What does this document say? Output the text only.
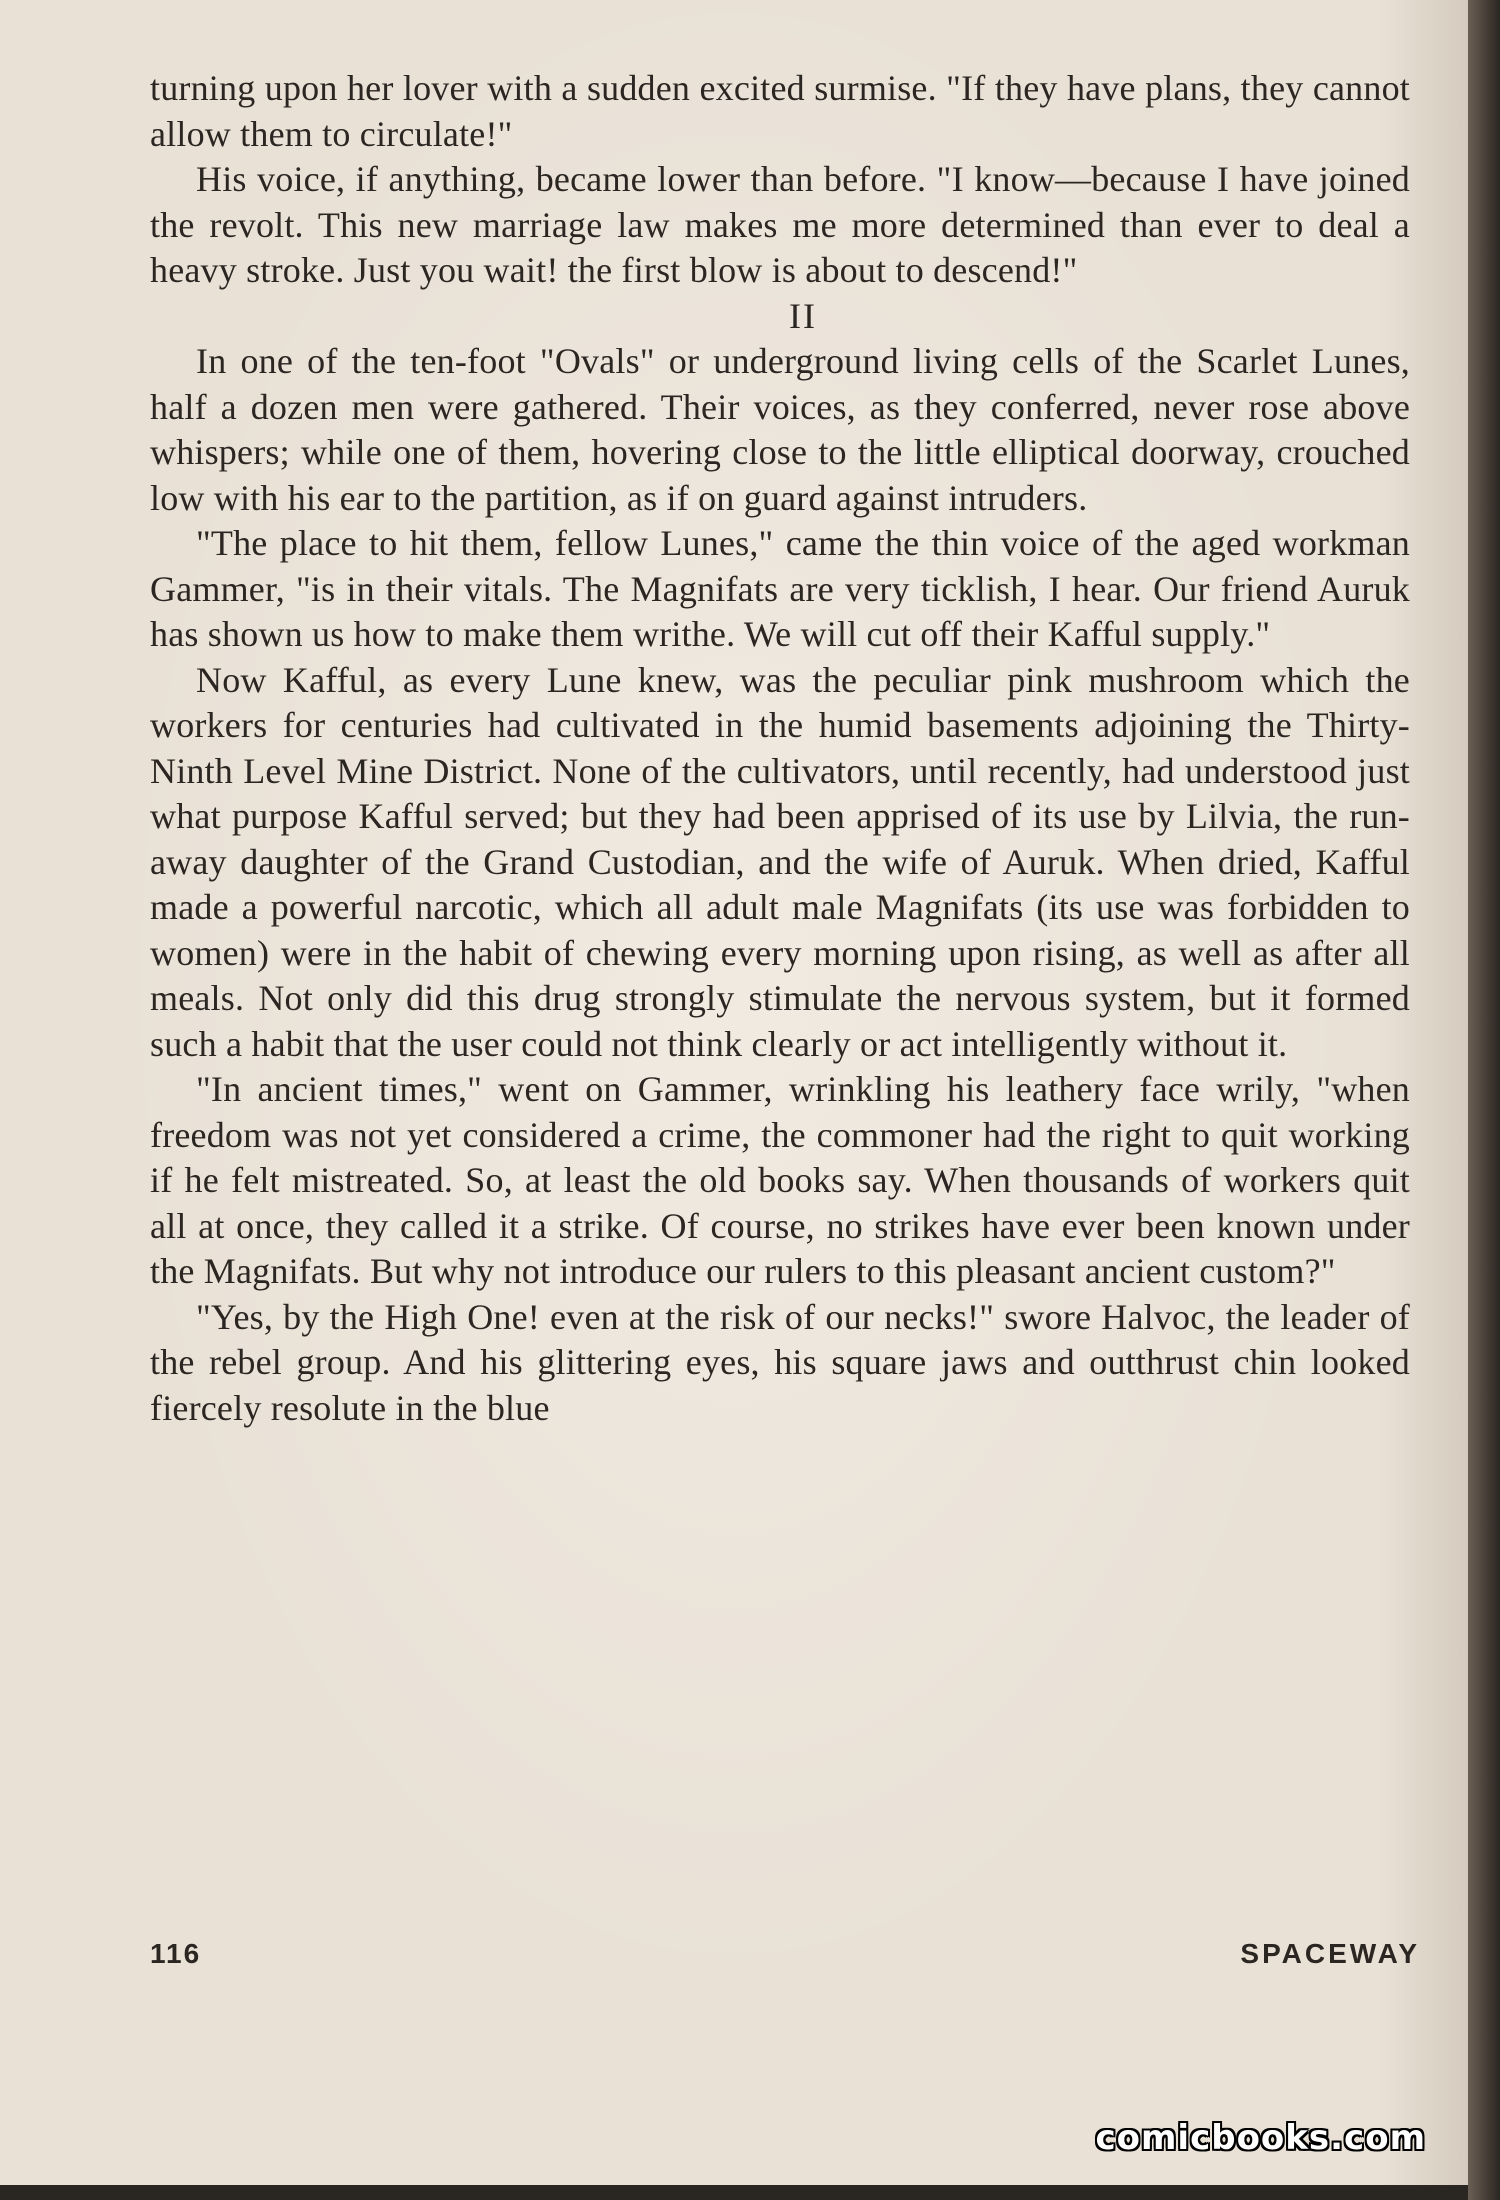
turning upon her lover with a sudden excited surmise. "If they have plans, they cannot allow them to circulate!"

His voice, if anything, became lower than before. "I know—because I have joined the revolt. This new marriage law makes me more determined than ever to deal a heavy stroke. Just you wait! the first blow is about to descend!"

II

In one of the ten-foot "Ovals" or underground living cells of the Scarlet Lunes, half a dozen men were gathered. Their voices, as they conferred, never rose above whispers; while one of them, hovering close to the little elliptical doorway, crouched low with his ear to the partition, as if on guard against intruders.

"The place to hit them, fellow Lunes," came the thin voice of the aged workman Gammer, "is in their vitals. The Magnifats are very ticklish, I hear. Our friend Auruk has shown us how to make them writhe. We will cut off their Kafful supply."

Now Kafful, as every Lune knew, was the peculiar pink mushroom which the workers for centuries had cultivated in the humid basements adjoining the Thirty-Ninth Level Mine District. None of the cultivators, until recently, had understood just what purpose Kafful served; but they had been apprised of its use by Lilvia, the run-away daughter of the Grand Custodian, and the wife of Auruk. When dried, Kafful made a powerful narcotic, which all adult male Magnifats (its use was forbidden to women) were in the habit of chewing every morning upon rising, as well as after all meals. Not only did this drug strongly stimulate the nervous system, but it formed such a habit that the user could not think clearly or act intelligently without it.

"In ancient times," went on Gammer, wrinkling his leathery face wrily, "when freedom was not yet considered a crime, the commoner had the right to quit working if he felt mistreated. So, at least the old books say. When thousands of workers quit all at once, they called it a strike. Of course, no strikes have ever been known under the Magnifats. But why not introduce our rulers to this pleasant ancient custom?"

"Yes, by the High One! even at the risk of our necks!" swore Halvoc, the leader of the rebel group. And his glittering eyes, his square jaws and outthrust chin looked fiercely resolute in the blue

116	SPACEWAY
comicbooks.com
